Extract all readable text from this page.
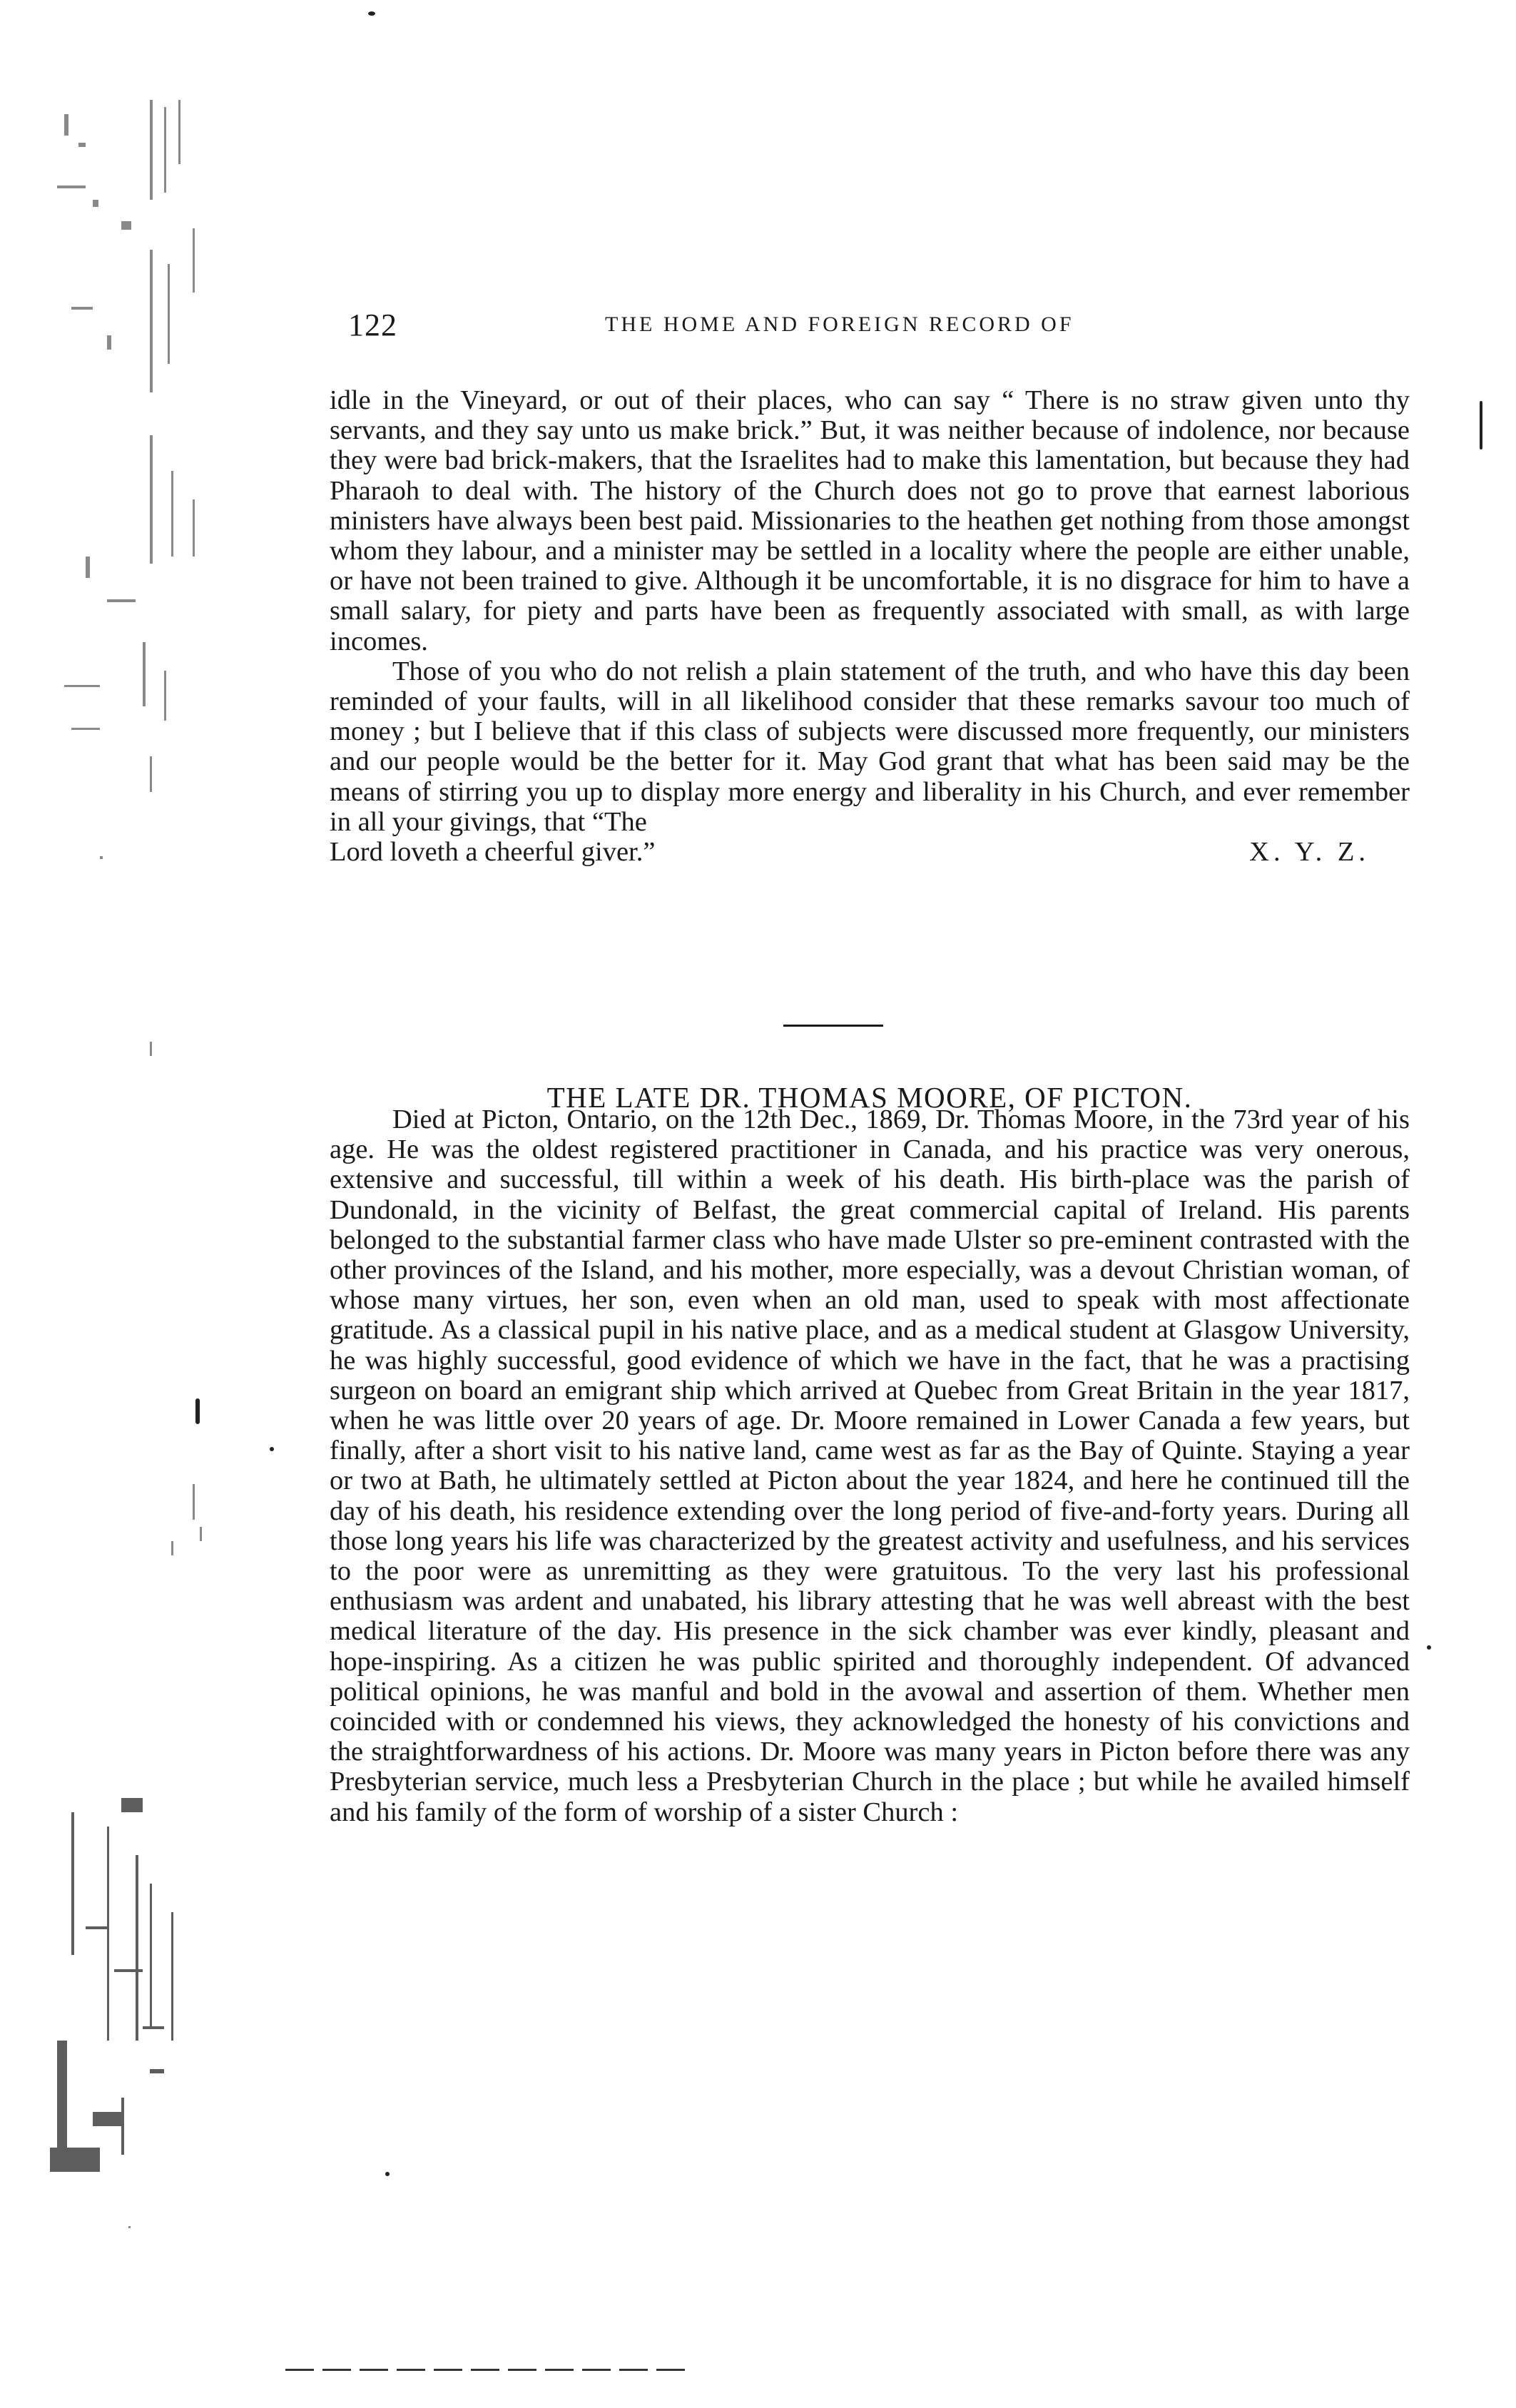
122	THE HOME AND FOREIGN RECORD OF

idle in the Vineyard, or out of their places, who can say “ There is no straw given unto thy servants, and they say unto us make brick.” But, it was neither because of indolence, nor because they were bad brick-makers, that the Israelites had to make this lamentation, but because they had Pharaoh to deal with. The history of the Church does not go to prove that earnest laborious ministers have always been best paid. Missionaries to the heathen get nothing from those amongst whom they labour, and a minister may be settled in a locality where the people are either unable, or have not been trained to give. Although it be uncomfortable, it is no disgrace for him to have a small salary, for piety and parts have been as frequently associated with small, as with large incomes.

Those of you who do not relish a plain statement of the truth, and who have this day been reminded of your faults, will in all likelihood consider that these remarks savour too much of money ; but I believe that if this class of subjects were discussed more frequently, our ministers and our people would be the better for it. May God grant that what has been said may be the means of stirring you up to display more energy and liberality in his Church, and ever remember in all your givings, that “The

Lord loveth a cheerful giver.”	X. Y. Z.
THE LATE DR. THOMAS MOORE, OF PICTON.

Died at Picton, Ontario, on the 12th Dec., 1869, Dr. Thomas Moore, in the 73rd year of his age. He was the oldest registered practitioner in Canada, and his practice was very onerous, extensive and successful, till within a week of his death. His birth-place was the parish of Dundonald, in the vicinity of Belfast, the great commercial capital of Ireland. His parents belonged to the substantial farmer class who have made Ulster so pre-eminent contrasted with the other provinces of the Island, and his mother, more especially, was a devout Christian woman, of whose many virtues, her son, even when an old man, used to speak with most affectionate gratitude. As a classical pupil in his native place, and as a medical student at Glasgow University, he was highly successful, good evidence of which we have in the fact, that he was a practising surgeon on board an emigrant ship which arrived at Quebec from Great Britain in the year 1817, when he was little over 20 years of age. Dr. Moore remained in Lower Canada a few years, but finally, after a short visit to his native land, came west as far as the Bay of Quinte. Staying a year or two at Bath, he ultimately settled at Picton about the year 1824, and here he continued till the day of his death, his residence extending over the long period of five-and-forty years. During all those long years his life was characterized by the greatest activity and usefulness, and his services to the poor were as unremitting as they were gratuitous. To the very last his professional enthusiasm was ardent and unabated, his library attesting that he was well abreast with the best medical literature of the day. His presence in the sick chamber was ever kindly, pleasant and hope-inspiring. As a citizen he was public spirited and thoroughly independent. Of advanced political opinions, he was manful and bold in the avowal and assertion of them. Whether men coincided with or condemned his views, they acknowledged the honesty of his convictions and the straightforwardness of his actions. Dr. Moore was many years in Picton before there was any Presbyterian service, much less a Presbyterian Church in the place ; but while he availed himself and his family of the form of worship of a sister Church :
